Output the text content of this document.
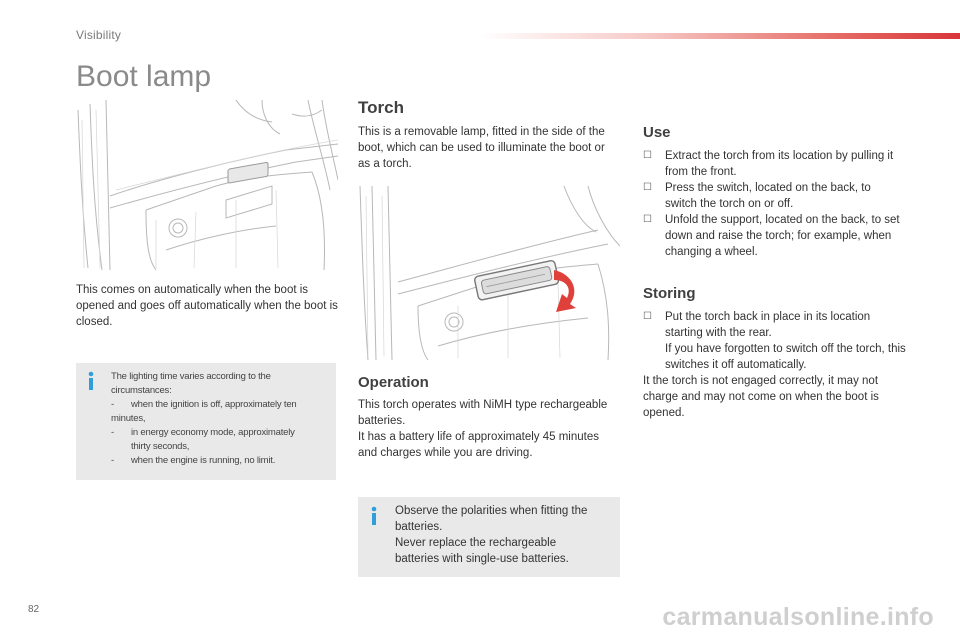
Visibility
Boot lamp

This comes on automatically when the boot is opened and goes off automatically when the boot is closed.

The lighting time varies according to the
circumstances:
- when the ignition is off, approximately ten minutes,
- in energy economy mode, approximately
thirty seconds,
- when the engine is running, no limit.
Torch

This is a removable lamp, fitted in the side of the boot, which can be used to illuminate the boot or as a torch.

Operation

This torch operates with NiMH type rechargeable batteries.

It has a battery life of approximately 45 minutes and charges while you are driving.

Observe the polarities when fitting the batteries.

Never replace the rechargeable batteries with single-use batteries.

Use
☐ Extract the torch from its location by pulling it from the front.
☐ Press the switch, located on the back, to switch the torch on or off.
☐ Unfold the support, located on the back, to set down and raise the torch; for example, when changing a wheel.
Storing
☐ Put the torch back in place in its location starting with the rear.
If you have forgotten to switch off the torch, this switches it off automatically.

It the torch is not engaged correctly, it may not charge and may not come on when the boot is opened.

82	carmanualsonline.info
